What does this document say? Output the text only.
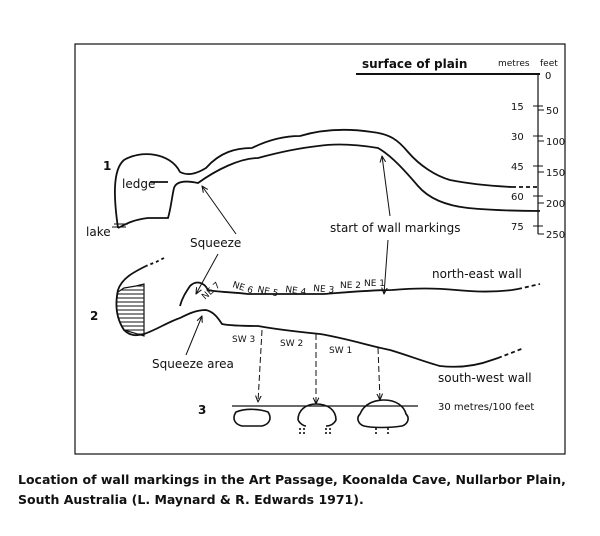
surface of plain	metres feet
15
30
45
60
75
0
50
100
150
200
250
1
2
3
ledge
lake
Squeeze
start of wall markings
NE 7 NE 6 NE 5 NE 4 NE 3 NE 2 NE 1
SW 3	SW 2
SW 1
north-east wall
south-west wall
Squeeze area
30 metres/100 feet
Location of wall markings in the Art Passage, Koonalda Cave, Nullarbor Plain,
South Australia (L. Maynard & R. Edwards 1971).
